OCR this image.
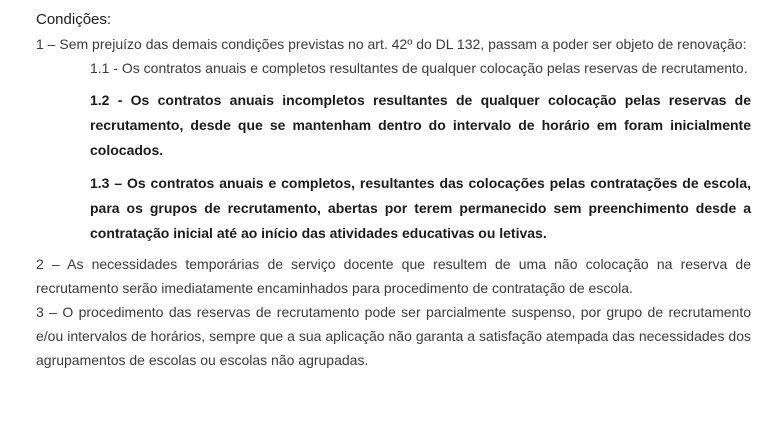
Condições:

1 – Sem prejuízo das demais condições previstas no art. 42º do DL 132, passam a poder ser objeto de renovação:

1.1 - Os contratos anuais e completos resultantes de qualquer colocação pelas reservas de recrutamento.
1.2 - Os contratos anuais incompletos resultantes de qualquer colocação pelas reservas de recrutamento, desde que se mantenham dentro do intervalo de horário em foram inicialmente colocados.
1.3 – Os contratos anuais e completos, resultantes das colocações pelas contratações de escola, para os grupos de recrutamento, abertas por terem permanecido sem preenchimento desde a contratação inicial até ao início das atividades educativas ou letivas.

2 – As necessidades temporárias de serviço docente que resultem de uma não colocação na reserva de recrutamento serão imediatamente encaminhados para procedimento de contratação de escola.

3 – O procedimento das reservas de recrutamento pode ser parcialmente suspenso, por grupo de recrutamento e/ou intervalos de horários, sempre que a sua aplicação não garanta a satisfação atempada das necessidades dos agrupamentos de escolas ou escolas não agrupadas.
